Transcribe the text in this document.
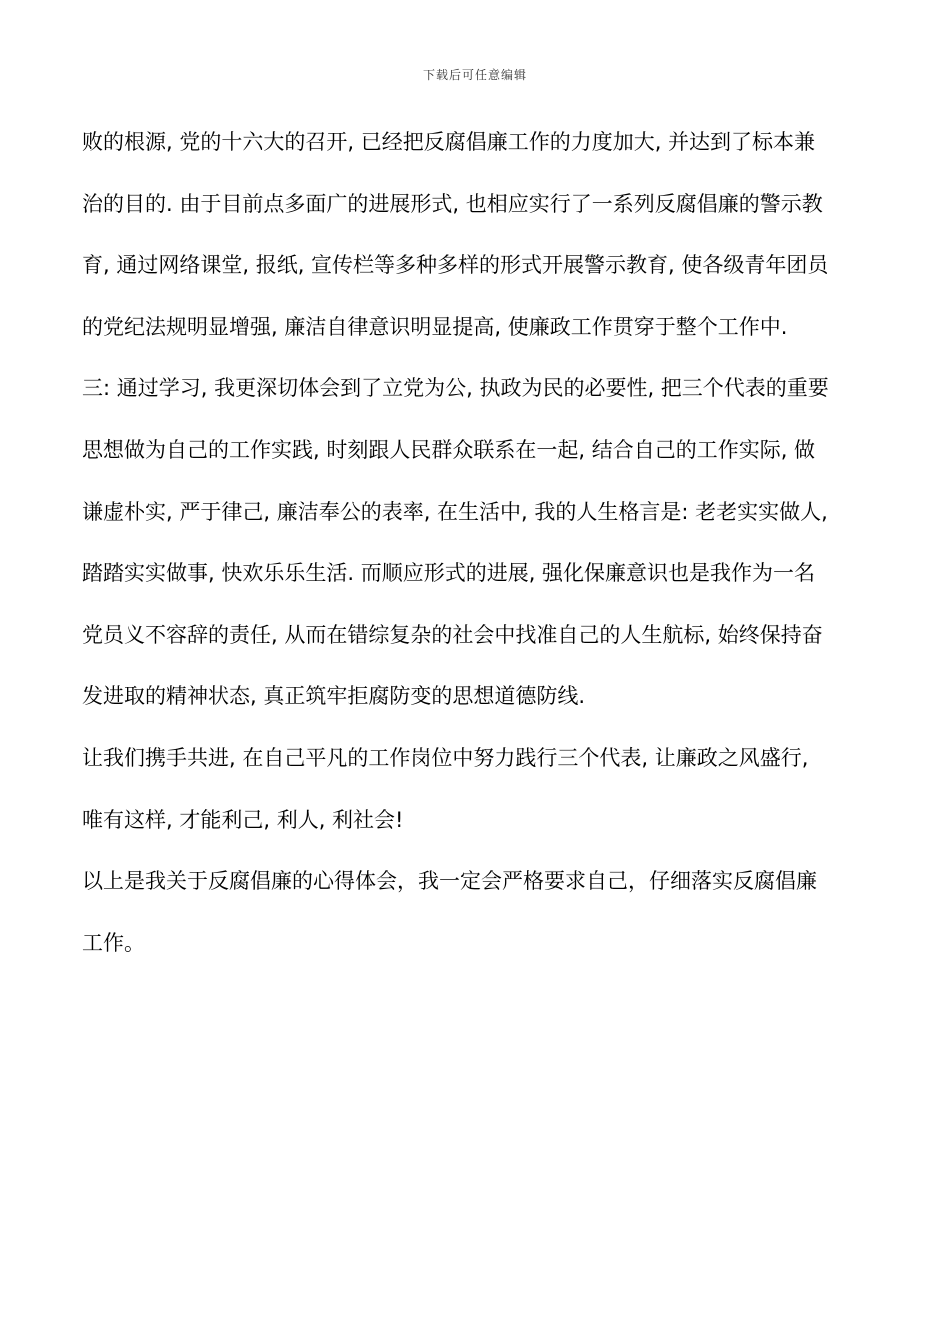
下载后可任意编辑

败的根源, 党的十六大的召开, 已经把反腐倡廉工作的力度加大, 并达到了标本兼
治的目的. 由于目前点多面广的进展形式, 也相应实行了一系列反腐倡廉的警示教
育, 通过网络课堂, 报纸, 宣传栏等多种多样的形式开展警示教育, 使各级青年团员
的党纪法规明显增强, 廉洁自律意识明显提高, 使廉政工作贯穿于整个工作中.

三: 通过学习, 我更深切体会到了立党为公, 执政为民的必要性, 把三个代表的重要
思想做为自己的工作实践, 时刻跟人民群众联系在一起, 结合自己的工作实际, 做
谦虚朴实, 严于律己, 廉洁奉公的表率, 在生活中, 我的人生格言是: 老老实实做人,
踏踏实实做事, 快欢乐乐生活. 而顺应形式的进展, 强化保廉意识也是我作为一名
党员义不容辞的责任, 从而在错综复杂的社会中找准自己的人生航标, 始终保持奋
发进取的精神状态, 真正筑牢拒腐防变的思想道德防线.

让我们携手共进, 在自己平凡的工作岗位中努力践行三个代表, 让廉政之风盛行,
唯有这样, 才能利己, 利人, 利社会!

以上是我关于反腐倡廉的心得体会，我一定会严格要求自己，仔细落实反腐倡廉
工作。
